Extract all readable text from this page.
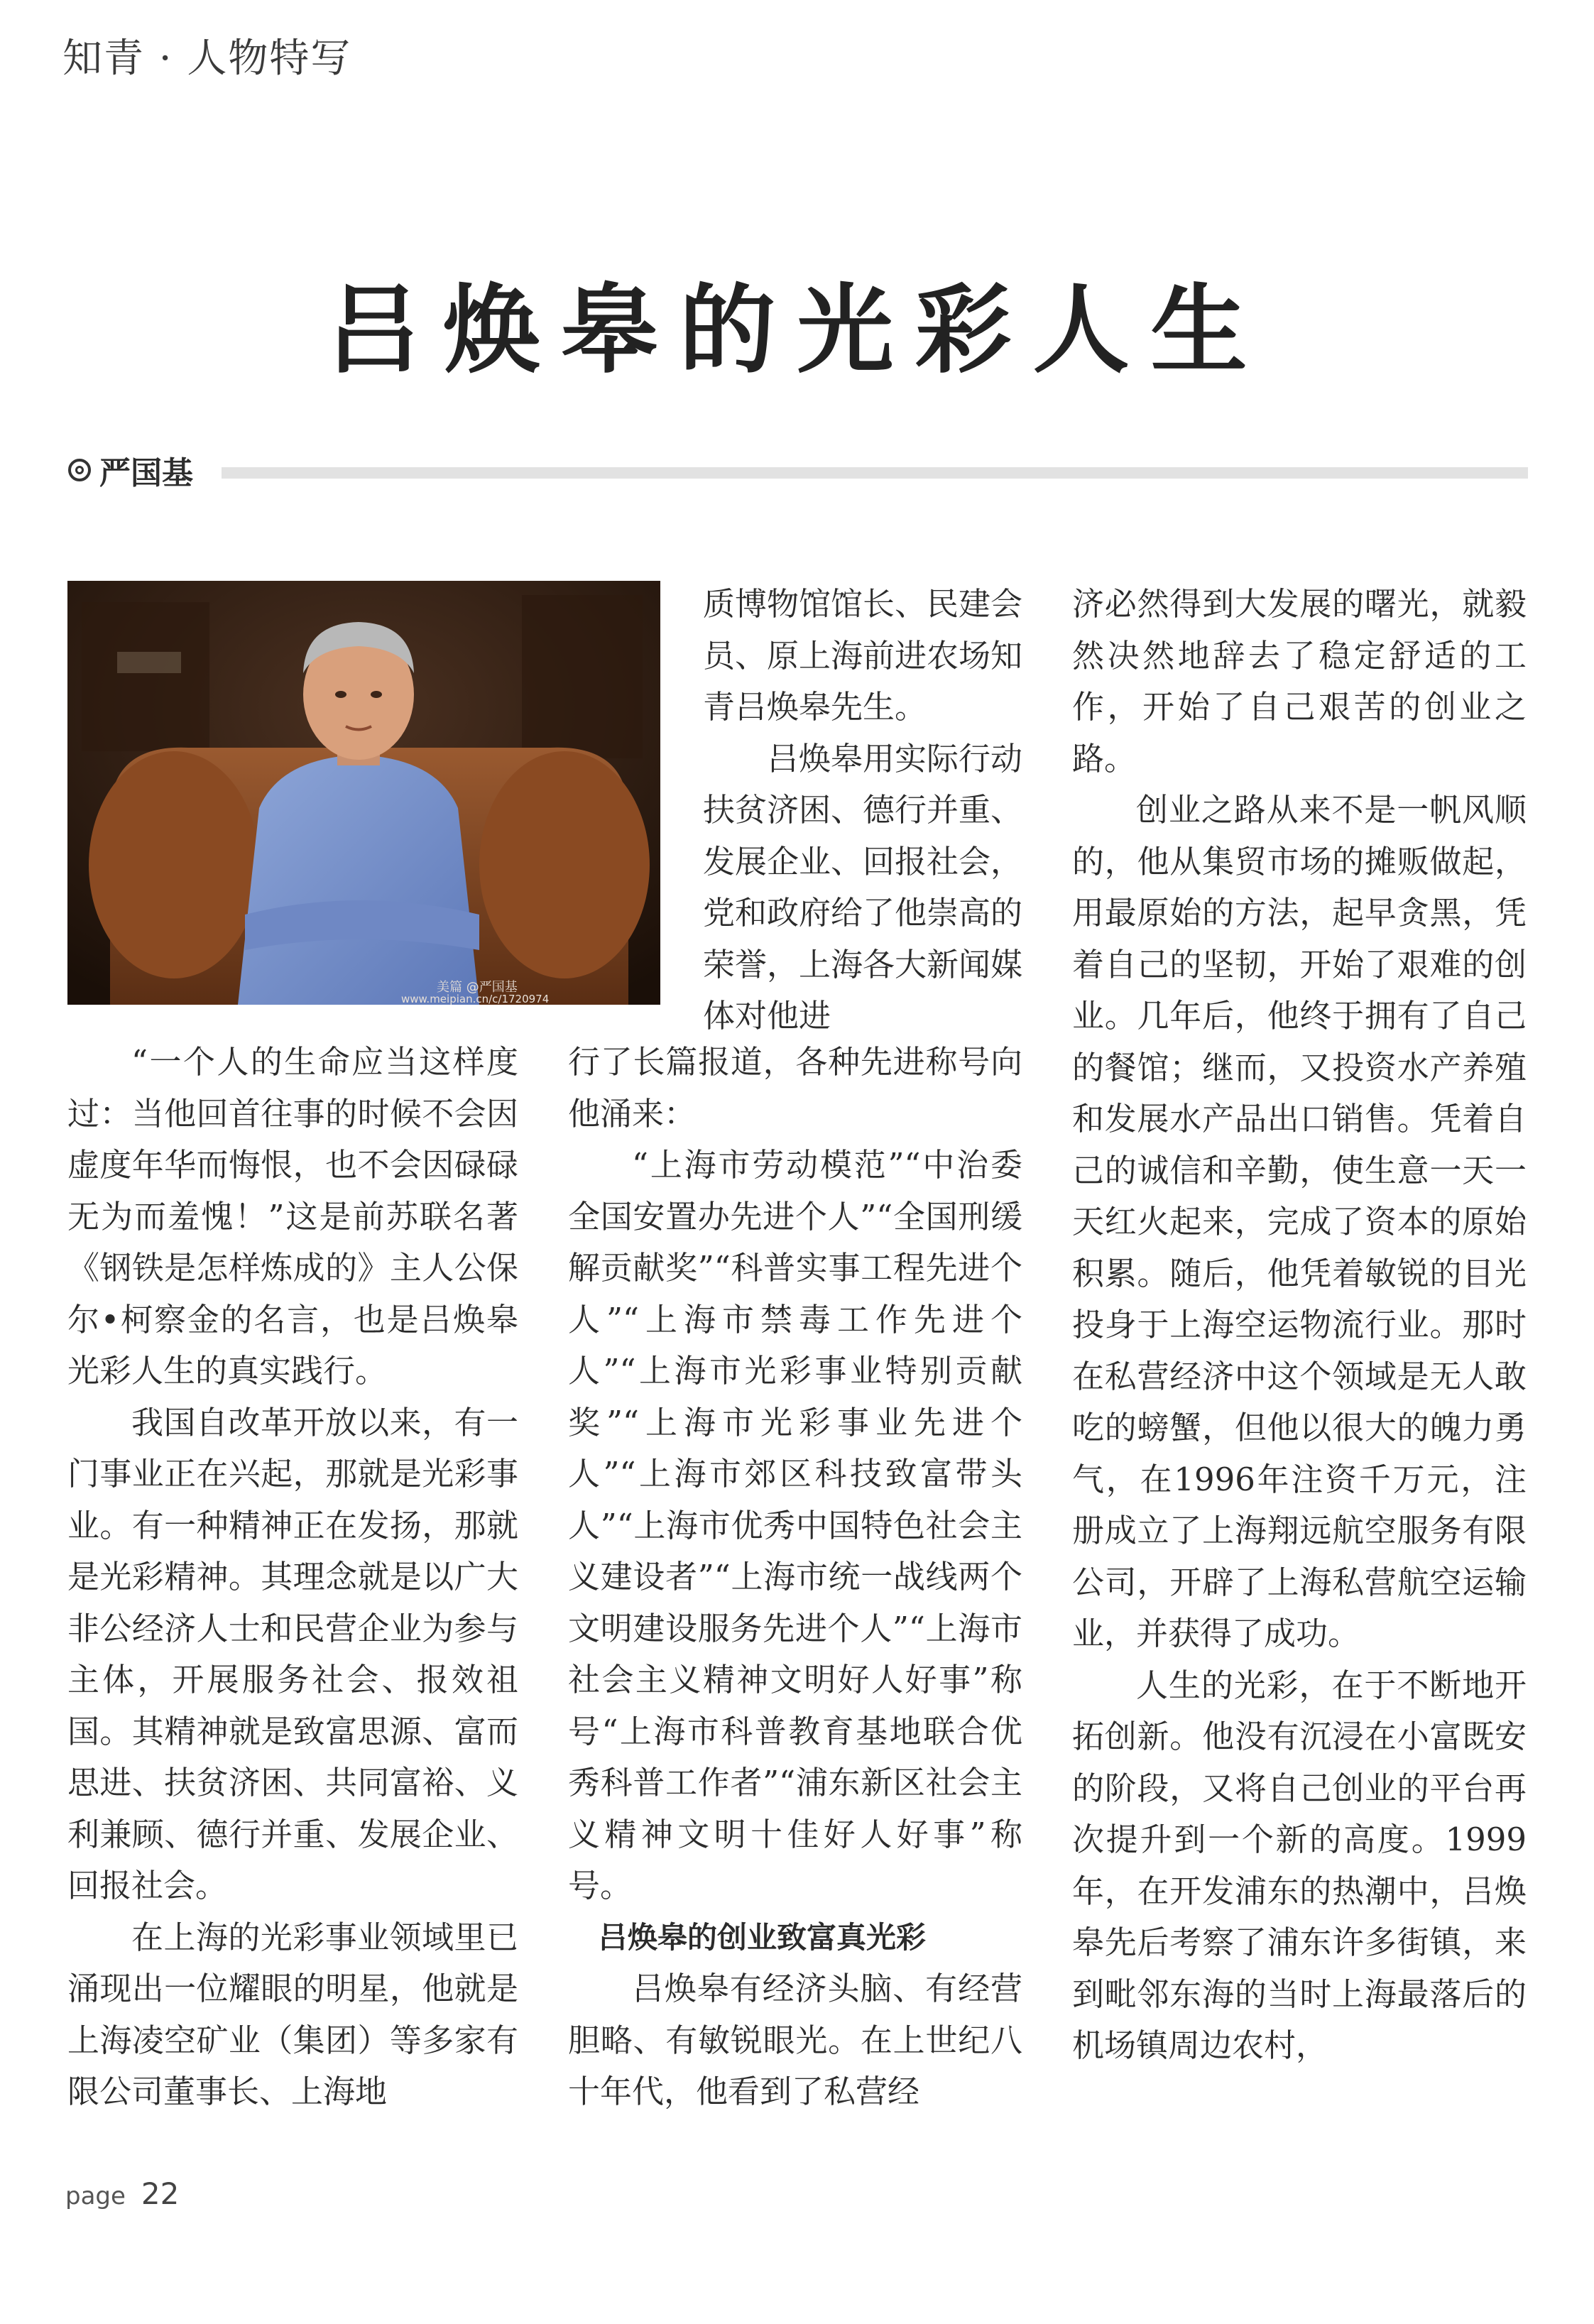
知青 · 人物特写
吕焕皋的光彩人生
严国基
美篇 @严国基
www.meipian.cn/c/1720974

“一个人的生命应当这样度过：当他回首往事的时候不会因虚度年华而悔恨，也不会因碌碌无为而羞愧！”这是前苏联名著《钢铁是怎样炼成的》主人公保尔•柯察金的名言，也是吕焕皋光彩人生的真实践行。

我国自改革开放以来，有一门事业正在兴起，那就是光彩事业。有一种精神正在发扬，那就是光彩精神。其理念就是以广大非公经济人士和民营企业为参与主体，开展服务社会、报效祖国。其精神就是致富思源、富而思进、扶贫济困、共同富裕、义利兼顾、德行并重、发展企业、回报社会。

在上海的光彩事业领域里已涌现出一位耀眼的明星，他就是上海凌空矿业（集团）等多家有限公司董事长、上海地

质博物馆馆长、民建会员、原上海前进农场知青吕焕皋先生。

吕焕皋用实际行动扶贫济困、德行并重、发展企业、回报社会，党和政府给了他崇高的荣誉，上海各大新闻媒体对他进

行了长篇报道，各种先进称号向他涌来：

“上海市劳动模范”“中治委全国安置办先进个人”“全国刑缓解贡献奖”“科普实事工程先进个人”“上海市禁毒工作先进个人”“上海市光彩事业特别贡献奖”“上海市光彩事业先进个人”“上海市郊区科技致富带头人”“上海市优秀中国特色社会主义建设者”“上海市统一战线两个文明建设服务先进个人”“上海市社会主义精神文明好人好事”称号“上海市科普教育基地联合优秀科普工作者”“浦东新区社会主义精神文明十佳好人好事”称号。

吕焕皋的创业致富真光彩

吕焕皋有经济头脑、有经营胆略、有敏锐眼光。在上世纪八十年代，他看到了私营经

济必然得到大发展的曙光，就毅然决然地辞去了稳定舒适的工作，开始了自己艰苦的创业之路。

创业之路从来不是一帆风顺的，他从集贸市场的摊贩做起，用最原始的方法，起早贪黑，凭着自己的坚韧，开始了艰难的创业。几年后，他终于拥有了自己的餐馆；继而，又投资水产养殖和发展水产品出口销售。凭着自己的诚信和辛勤，使生意一天一天红火起来，完成了资本的原始积累。随后，他凭着敏锐的目光投身于上海空运物流行业。那时在私营经济中这个领域是无人敢吃的螃蟹，但他以很大的魄力勇气，在1996年注资千万元，注册成立了上海翔远航空服务有限公司，开辟了上海私营航空运输业，并获得了成功。

人生的光彩，在于不断地开拓创新。他没有沉浸在小富既安的阶段，又将自己创业的平台再次提升到一个新的高度。1999年，在开发浦东的热潮中，吕焕皋先后考察了浦东许多街镇，来到毗邻东海的当时上海最落后的机场镇周边农村，

page 22
